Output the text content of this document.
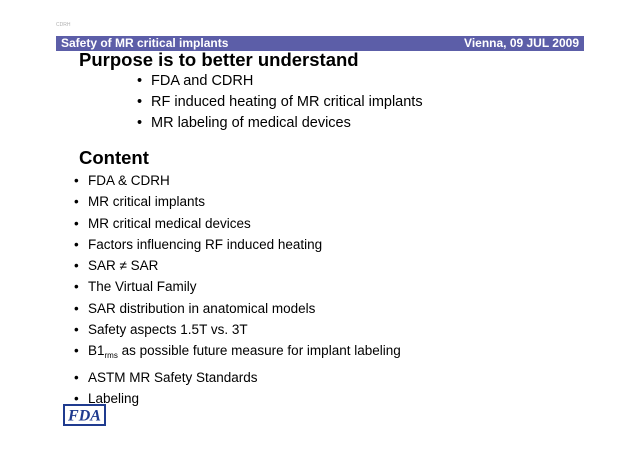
CDRH
Safety of MR critical implants	Vienna, 09 JUL 2009
Purpose is to better understand
• FDA and CDRH
• RF induced heating of MR critical implants
• MR labeling of medical devices
Content
• FDA & CDRH
• MR critical implants
• MR critical medical devices
• Factors influencing RF induced heating
• SAR ≠ SAR
• The Virtual Family
• SAR distribution in anatomical models
• Safety aspects 1.5T vs. 3T
• $B1_{rms}$ as possible future measure for implant labeling
• ASTM MR Safety Standards
• Labeling
FDA
